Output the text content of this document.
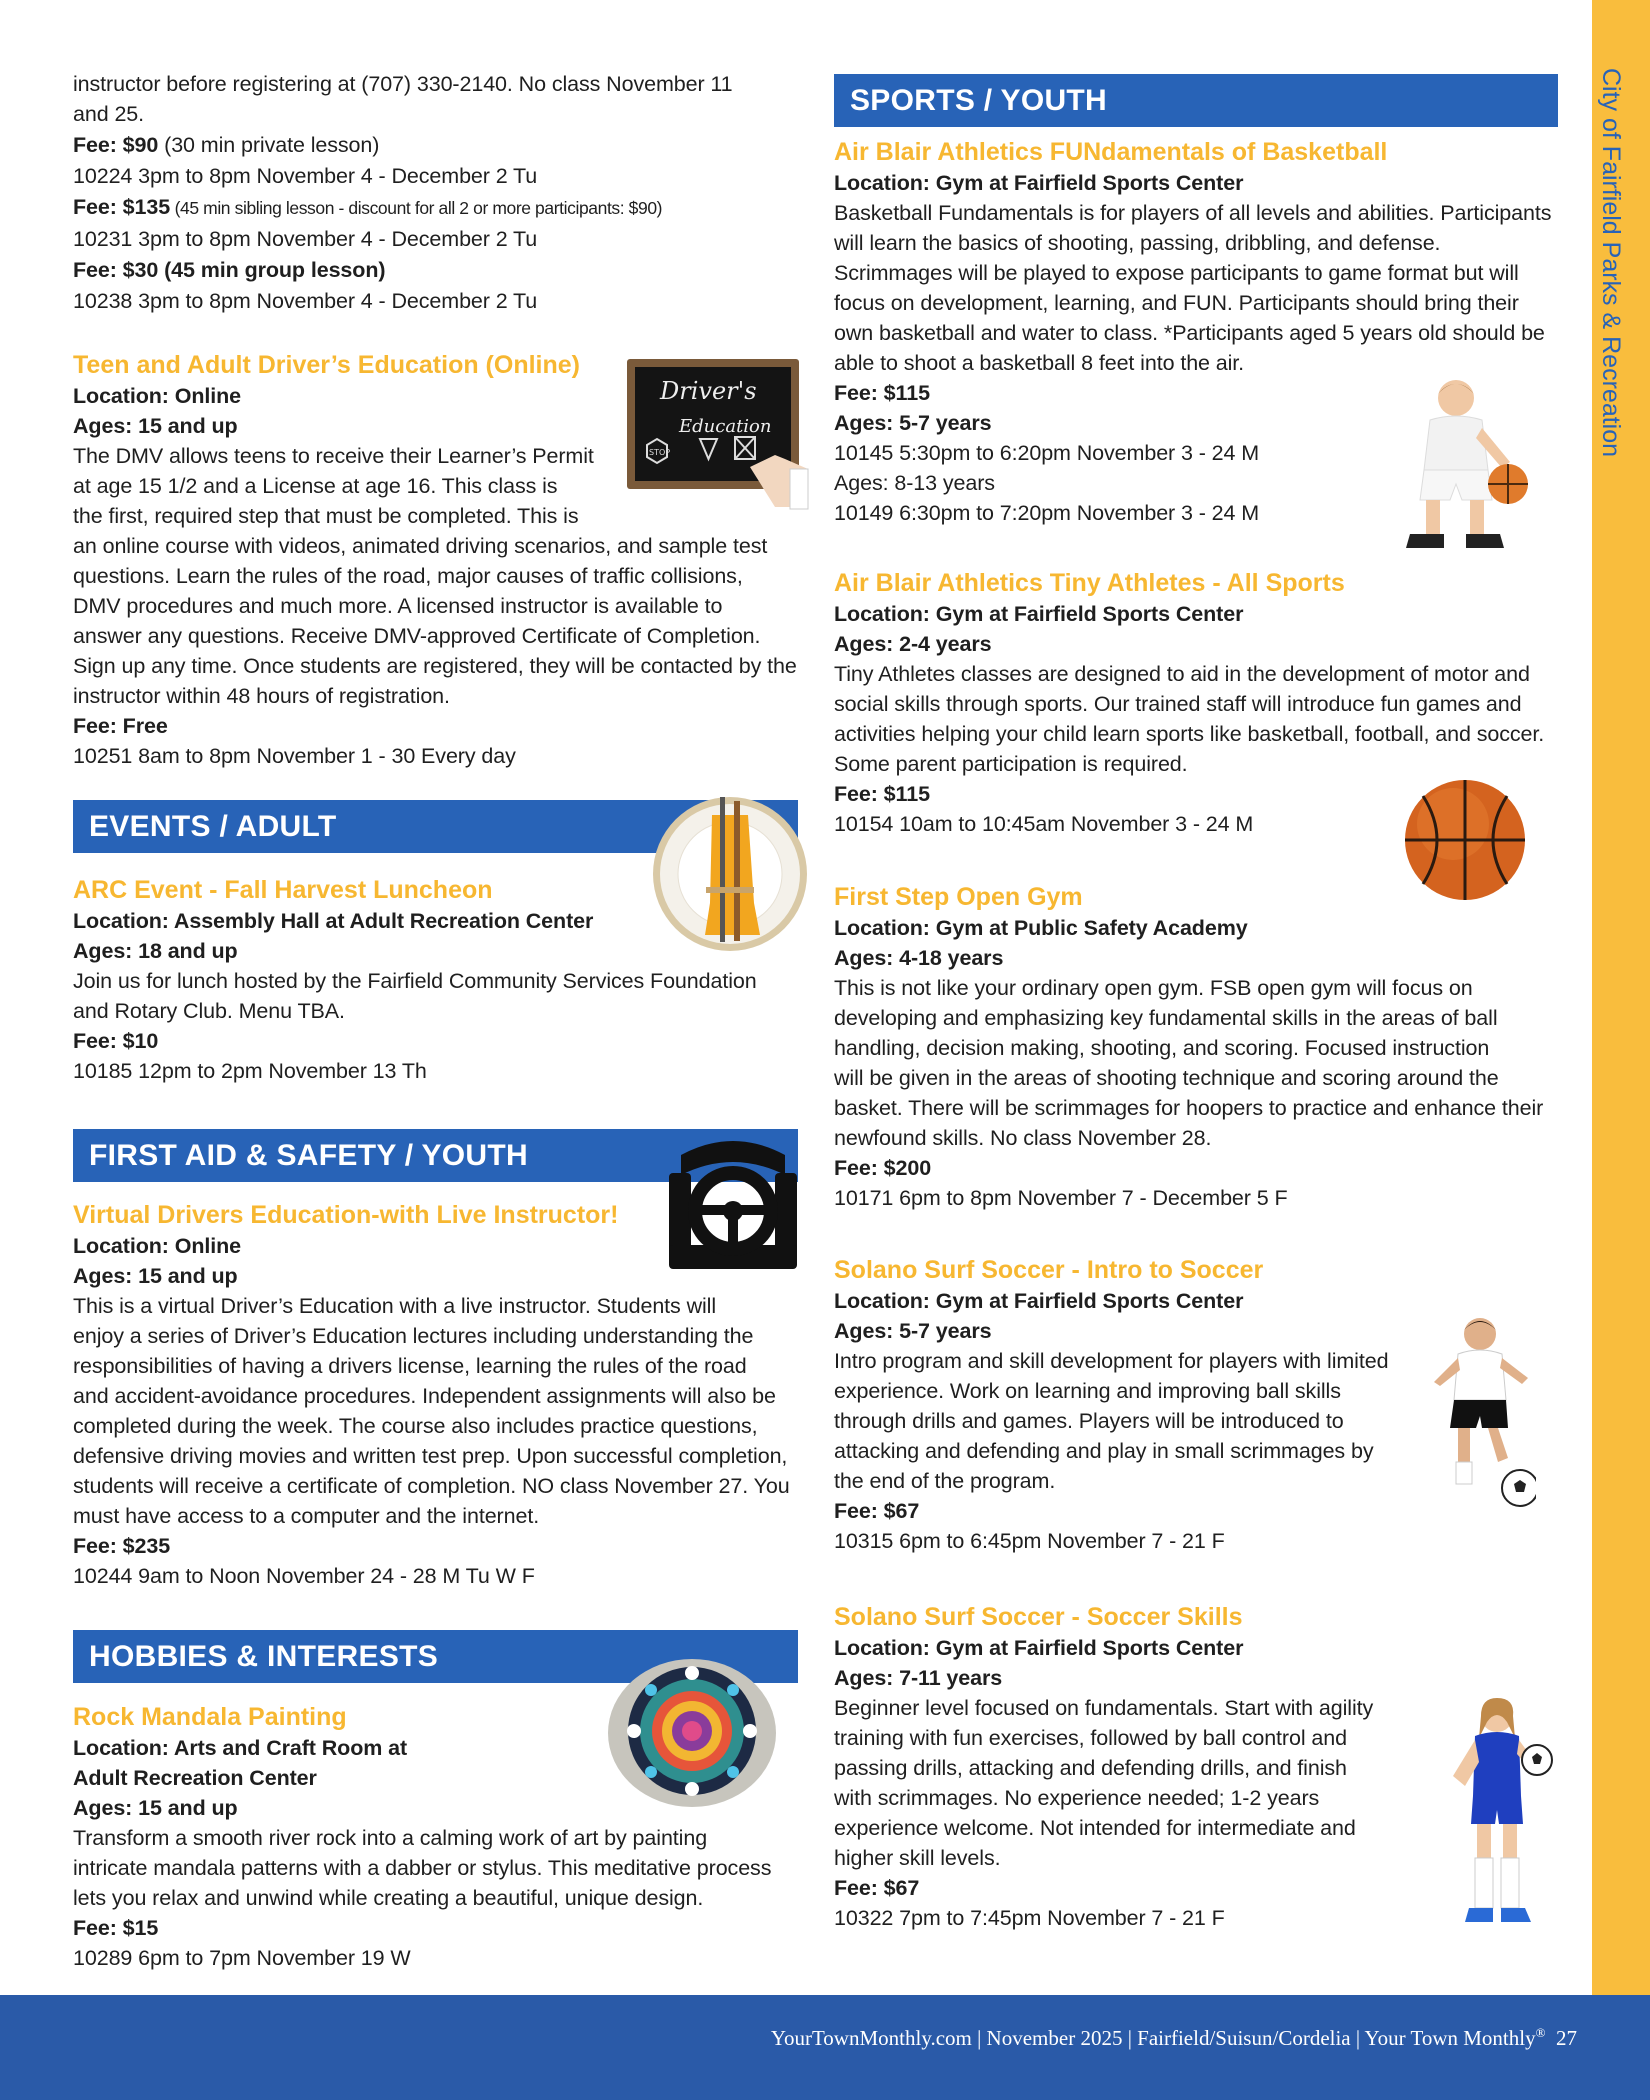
City of Fairfield Parks & Recreation
YourTownMonthly.com | November 2025 | Fairfield/Suisun/Cordelia | Your Town Monthly® 27
instructor before registering at (707) 330-2140. No class November 11
and 25.
Fee: $90 (30 min private lesson)
10224 3pm to 8pm November 4 - December 2 Tu
Fee: $135 (45 min sibling lesson - discount for all 2 or more participants: $90)
10231 3pm to 8pm November 4 - December 2 Tu
Fee: $30 (45 min group lesson)
10238 3pm to 8pm November 4 - December 2 Tu
Teen and Adult Driver’s Education (Online)
Location: Online
Ages: 15 and up
The DMV allows teens to receive their Learner’s Permit
at age 15 1/2 and a License at age 16. This class is
the first, required step that must be completed. This is
an online course with videos, animated driving scenarios, and sample test
questions. Learn the rules of the road, major causes of traffic collisions,
DMV procedures and much more. A licensed instructor is available to
answer any questions. Receive DMV-approved Certificate of Completion.
Sign up any time. Once students are registered, they will be contacted by the
instructor within 48 hours of registration.
Fee: Free
10251 8am to 8pm November 1 - 30 Every day
EVENTS / ADULT
ARC Event - Fall Harvest Luncheon
Location: Assembly Hall at Adult Recreation Center
Ages: 18 and up
Join us for lunch hosted by the Fairfield Community Services Foundation
and Rotary Club. Menu TBA.
Fee: $10
10185 12pm to 2pm November 13 Th
FIRST AID & SAFETY / YOUTH
Virtual Drivers Education-with Live Instructor!
Location: Online
Ages: 15 and up
This is a virtual Driver’s Education with a live instructor. Students will
enjoy a series of Driver’s Education lectures including understanding the
responsibilities of having a drivers license, learning the rules of the road
and accident-avoidance procedures. Independent assignments will also be
completed during the week. The course also includes practice questions,
defensive driving movies and written test prep. Upon successful completion,
students will receive a certificate of completion. NO class November 27. You
must have access to a computer and the internet.
Fee: $235
10244 9am to Noon November 24 - 28 M Tu W F
HOBBIES & INTERESTS
Rock Mandala Painting
Location: Arts and Craft Room at
Adult Recreation Center
Ages: 15 and up
Transform a smooth river rock into a calming work of art by painting
intricate mandala patterns with a dabber or stylus. This meditative process
lets you relax and unwind while creating a beautiful, unique design.
Fee: $15
10289 6pm to 7pm November 19 W
SPORTS / YOUTH
Air Blair Athletics FUNdamentals of Basketball
Location: Gym at Fairfield Sports Center
Basketball Fundamentals is for players of all levels and abilities. Participants
will learn the basics of shooting, passing, dribbling, and defense.
Scrimmages will be played to expose participants to game format but will
focus on development, learning, and FUN. Participants should bring their
own basketball and water to class. *Participants aged 5 years old should be
able to shoot a basketball 8 feet into the air.
Fee: $115
Ages: 5-7 years
10145 5:30pm to 6:20pm November 3 - 24 M
Ages: 8-13 years
10149 6:30pm to 7:20pm November 3 - 24 M
Air Blair Athletics Tiny Athletes - All Sports
Location: Gym at Fairfield Sports Center
Ages: 2-4 years
Tiny Athletes classes are designed to aid in the development of motor and
social skills through sports. Our trained staff will introduce fun games and
activities helping your child learn sports like basketball, football, and soccer.
Some parent participation is required.
Fee: $115
10154 10am to 10:45am November 3 - 24 M
First Step Open Gym
Location: Gym at Public Safety Academy
Ages: 4-18 years
This is not like your ordinary open gym. FSB open gym will focus on
developing and emphasizing key fundamental skills in the areas of ball
handling, decision making, shooting, and scoring. Focused instruction
will be given in the areas of shooting technique and scoring around the
basket. There will be scrimmages for hoopers to practice and enhance their
newfound skills. No class November 28.
Fee: $200
10171 6pm to 8pm November 7 - December 5 F
Solano Surf Soccer - Intro to Soccer
Location: Gym at Fairfield Sports Center
Ages: 5-7 years
Intro program and skill development for players with limited
experience. Work on learning and improving ball skills
through drills and games. Players will be introduced to
attacking and defending and play in small scrimmages by
the end of the program.
Fee: $67
10315 6pm to 6:45pm November 7 - 21 F
Solano Surf Soccer - Soccer Skills
Location: Gym at Fairfield Sports Center
Ages: 7-11 years
Beginner level focused on fundamentals. Start with agility
training with fun exercises, followed by ball control and
passing drills, attacking and defending drills, and finish
with scrimmages. No experience needed; 1-2 years
experience welcome. Not intended for intermediate and
higher skill levels.
Fee: $67
10322 7pm to 7:45pm November 7 - 21 F
Driver's
Education
STOP
